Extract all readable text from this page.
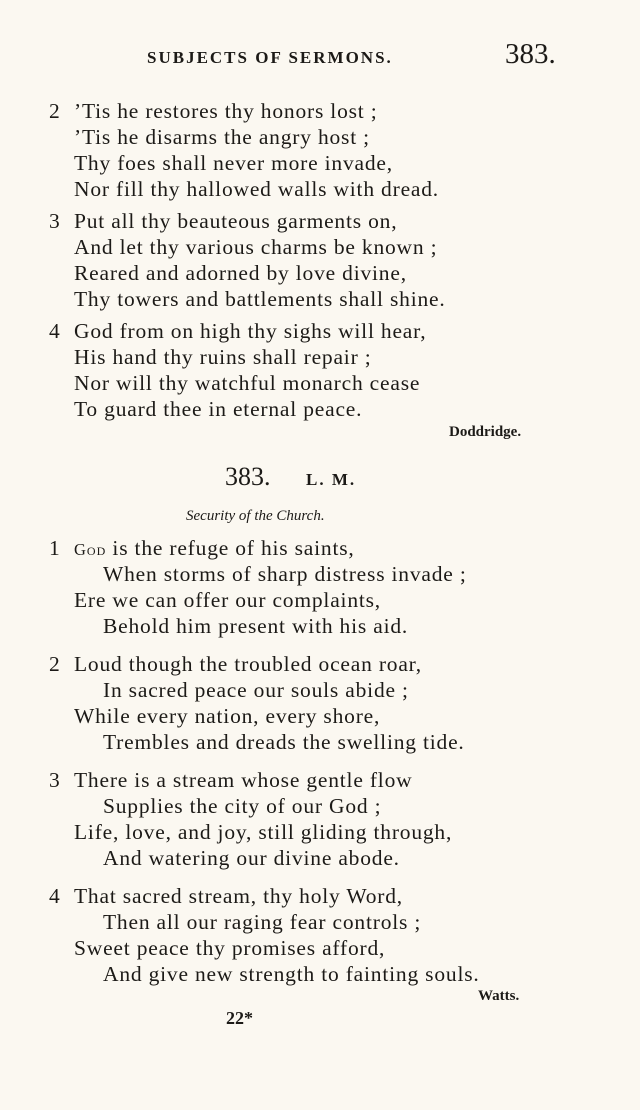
SUBJECTS OF SERMONS.	383.
2 ’Tis he restores thy honors lost ;
’Tis he disarms the angry host ;
Thy foes shall never more invade,
Nor fill thy hallowed walls with dread.
3 Put all thy beauteous garments on,
And let thy various charms be known ;
Reared and adorned by love divine,
Thy towers and battlements shall shine.
4 God from on high thy sighs will hear,
His hand thy ruins shall repair ;
Nor will thy watchful monarch cease
To guard thee in eternal peace.
Doddridge.
383. L. M.
Security of the Church.
1 God is the refuge of his saints,
When storms of sharp distress invade ;
Ere we can offer our complaints,
Behold him present with his aid.
2 Loud though the troubled ocean roar,
In sacred peace our souls abide ;
While every nation, every shore,
Trembles and dreads the swelling tide.
3 There is a stream whose gentle flow
Supplies the city of our God ;
Life, love, and joy, still gliding through,
And watering our divine abode.
4 That sacred stream, thy holy Word,
Then all our raging fear controls ;
Sweet peace thy promises afford,
And give new strength to fainting souls.
Watts.
22*
